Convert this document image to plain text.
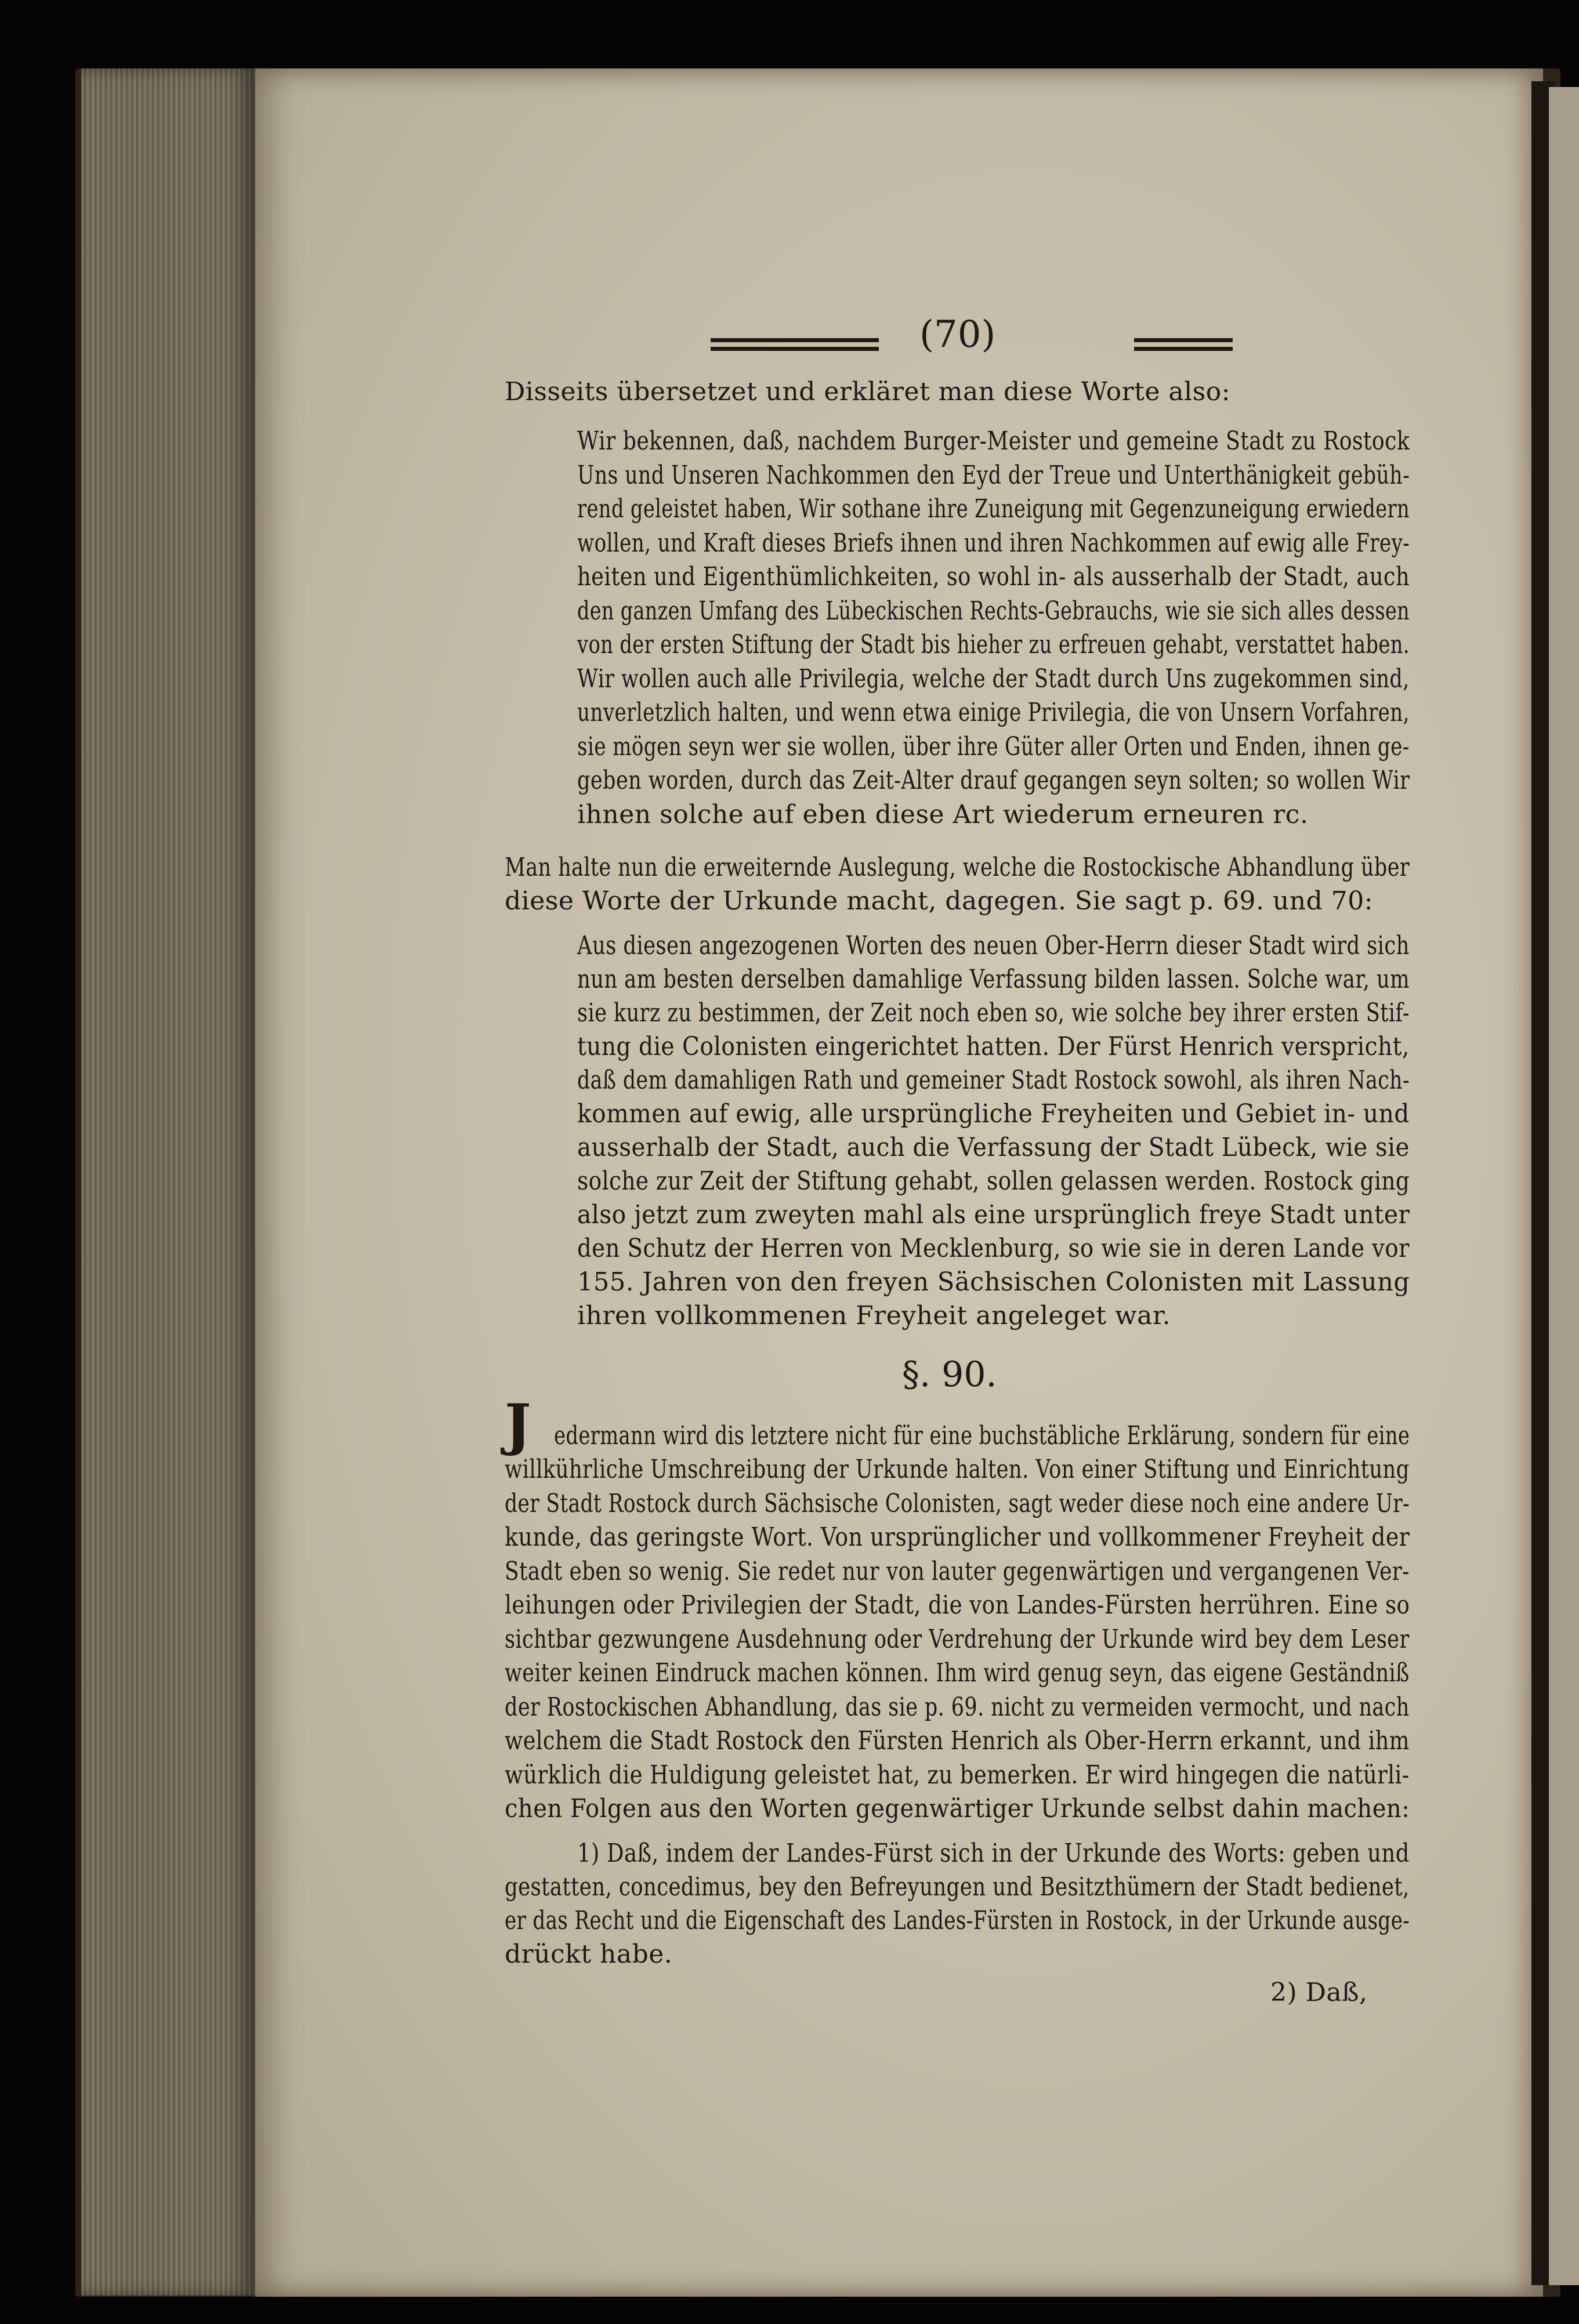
(70)
Disseits übersetzet und erkläret man diese Worte also:
Wir bekennen, daß, nachdem Burger-Meister und gemeine Stadt zu Rostock
Uns und Unseren Nachkommen den Eyd der Treue und Unterthänigkeit gebüh-
rend geleistet haben, Wir sothane ihre Zuneigung mit Gegenzuneigung erwiedern
wollen, und Kraft dieses Briefs ihnen und ihren Nachkommen auf ewig alle Frey-
heiten und Eigenthümlichkeiten, so wohl in- als ausserhalb der Stadt, auch
den ganzen Umfang des Lübeckischen Rechts-Gebrauchs, wie sie sich alles dessen
von der ersten Stiftung der Stadt bis hieher zu erfreuen gehabt, verstattet haben.
Wir wollen auch alle Privilegia, welche der Stadt durch Uns zugekommen sind,
unverletzlich halten, und wenn etwa einige Privilegia, die von Unsern Vorfahren,
sie mögen seyn wer sie wollen, über ihre Güter aller Orten und Enden, ihnen ge-
geben worden, durch das Zeit-Alter drauf gegangen seyn solten; so wollen Wir
ihnen solche auf eben diese Art wiederum erneuren rc.
Man halte nun die erweiternde Auslegung, welche die Rostockische Abhandlung über
diese Worte der Urkunde macht, dagegen. Sie sagt p. 69. und 70:
Aus diesen angezogenen Worten des neuen Ober-Herrn dieser Stadt wird sich
nun am besten derselben damahlige Verfassung bilden lassen. Solche war, um
sie kurz zu bestimmen, der Zeit noch eben so, wie solche bey ihrer ersten Stif-
tung die Colonisten eingerichtet hatten. Der Fürst Henrich verspricht,
daß dem damahligen Rath und gemeiner Stadt Rostock sowohl, als ihren Nach-
kommen auf ewig, alle ursprüngliche Freyheiten und Gebiet in- und
ausserhalb der Stadt, auch die Verfassung der Stadt Lübeck, wie sie
solche zur Zeit der Stiftung gehabt, sollen gelassen werden. Rostock ging
also jetzt zum zweyten mahl als eine ursprünglich freye Stadt unter
den Schutz der Herren von Mecklenburg, so wie sie in deren Lande vor
155. Jahren von den freyen Sächsischen Colonisten mit Lassung
ihren vollkommenen Freyheit angeleget war.
§. 90.
J edermann wird dis letztere nicht für eine buchstäbliche Erklärung, sondern für eine
willkührliche Umschreibung der Urkunde halten. Von einer Stiftung und Einrichtung
der Stadt Rostock durch Sächsische Colonisten, sagt weder diese noch eine andere Ur-
kunde, das geringste Wort. Von ursprünglicher und vollkommener Freyheit der
Stadt eben so wenig. Sie redet nur von lauter gegenwärtigen und vergangenen Ver-
leihungen oder Privilegien der Stadt, die von Landes-Fürsten herrühren. Eine so
sichtbar gezwungene Ausdehnung oder Verdrehung der Urkunde wird bey dem Leser
weiter keinen Eindruck machen können. Ihm wird genug seyn, das eigene Geständniß
der Rostockischen Abhandlung, das sie p. 69. nicht zu vermeiden vermocht, und nach
welchem die Stadt Rostock den Fürsten Henrich als Ober-Herrn erkannt, und ihm
würklich die Huldigung geleistet hat, zu bemerken. Er wird hingegen die natürli-
chen Folgen aus den Worten gegenwärtiger Urkunde selbst dahin machen:
1) Daß, indem der Landes-Fürst sich in der Urkunde des Worts: geben und
gestatten, concedimus, bey den Befreyungen und Besitzthümern der Stadt bedienet,
er das Recht und die Eigenschaft des Landes-Fürsten in Rostock, in der Urkunde ausge-
drückt habe.
2) Daß,
